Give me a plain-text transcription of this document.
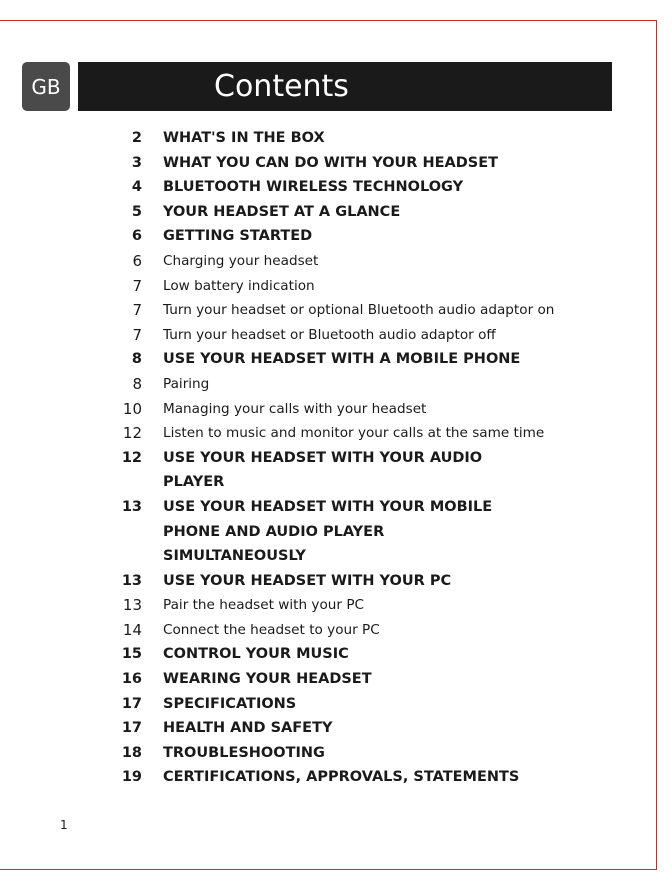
GB	Contents
2 WHAT'S IN THE BOX
3 WHAT YOU CAN DO WITH YOUR HEADSET
4 BLUETOOTH WIRELESS TECHNOLOGY
5 YOUR HEADSET AT A GLANCE
6 GETTING STARTED
6 Charging your headset
7 Low battery indication
7 Turn your headset or optional Bluetooth audio adaptor on
7 Turn your headset or Bluetooth audio adaptor off
8 USE YOUR HEADSET WITH A MOBILE PHONE
8 Pairing
10 Managing your calls with your headset
12 Listen to music and monitor your calls at the same time
12 USE YOUR HEADSET WITH YOUR AUDIO
PLAYER
13 USE YOUR HEADSET WITH YOUR MOBILE
PHONE AND AUDIO PLAYER
SIMULTANEOUSLY
13 USE YOUR HEADSET WITH YOUR PC
13 Pair the headset with your PC
14 Connect the headset to your PC
15 CONTROL YOUR MUSIC
16 WEARING YOUR HEADSET
17 SPECIFICATIONS
17 HEALTH AND SAFETY
18 TROUBLESHOOTING
19 CERTIFICATIONS, APPROVALS, STATEMENTS
1
